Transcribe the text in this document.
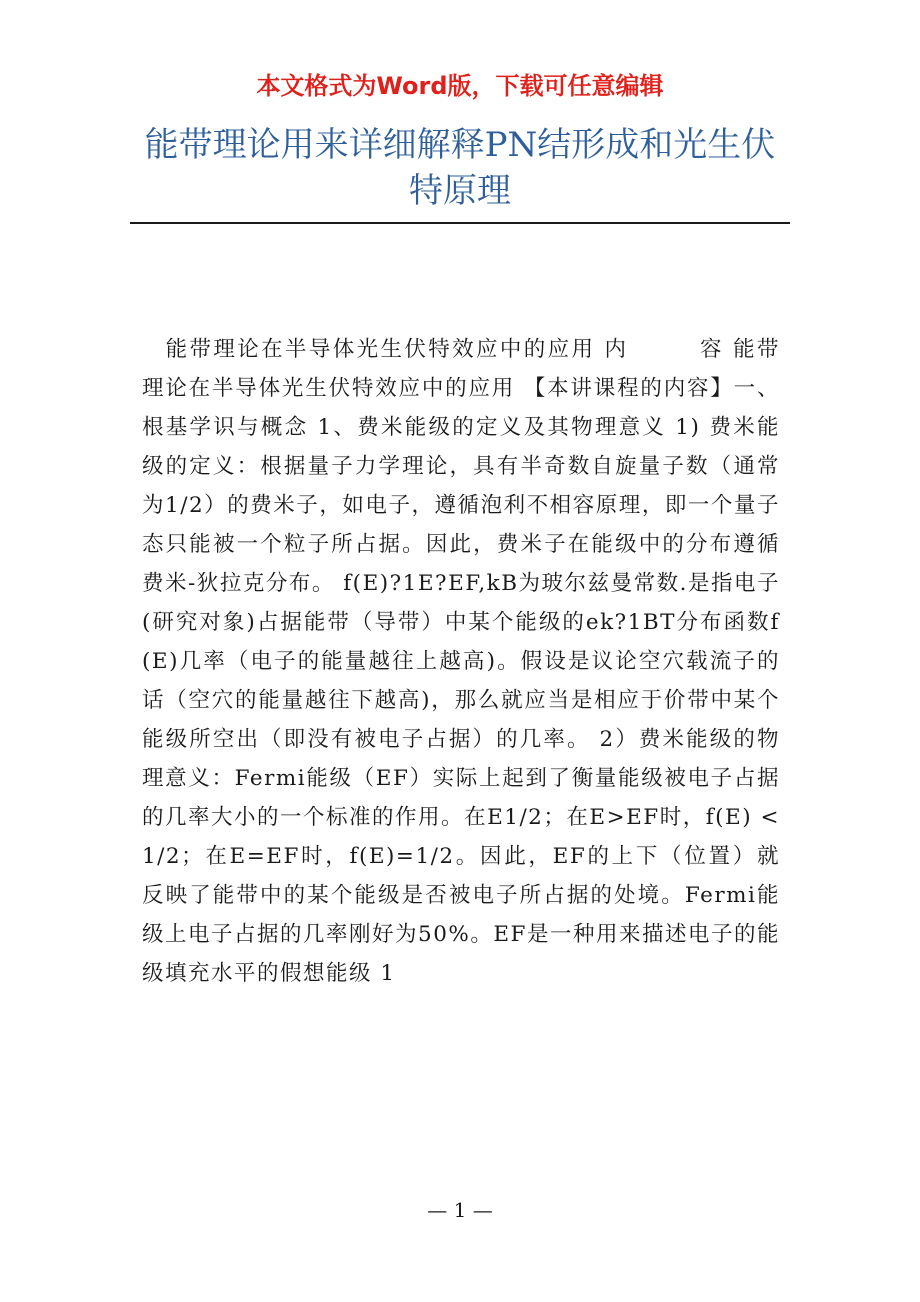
本文格式为Word版，下载可任意编辑
能带理论用来详细解释PN结形成和光生伏
特原理

能带理论在半导体光生伏特效应中的应用 内　　　容 能带理论在半导体光生伏特效应中的应用 【本讲课程的内容】一、根基学识与概念 1、费米能级的定义及其物理意义 1) 费米能级的定义：根据量子力学理论，具有半奇数自旋量子数（通常为1/2）的费米子，如电子，遵循泡利不相容原理，即一个量子态只能被一个粒子所占据。因此，费米子在能级中的分布遵循费米-狄拉克分布。 f(E)?1E?EF,kB为玻尔兹曼常数.是指电子(研究对象)占据能带（导带）中某个能级的ek?1BT分布函数f(E)几率（电子的能量越往上越高)。假设是议论空穴载流子的话（空穴的能量越往下越高)，那么就应当是相应于价带中某个能级所空出（即没有被电子占据）的几率。 2）费米能级的物理意义：Fermi能级（EF）实际上起到了衡量能级被电子占据的几率大小的一个标准的作用。在E1/2；在E>EF时，f(E) <1/2；在E=EF时，f(E)=1/2。因此，EF的上下（位置）就反映了能带中的某个能级是否被电子所占据的处境。Fermi能级上电子占据的几率刚好为50%。EF是一种用来描述电子的能级填充水平的假想能级 1

— 1 —
